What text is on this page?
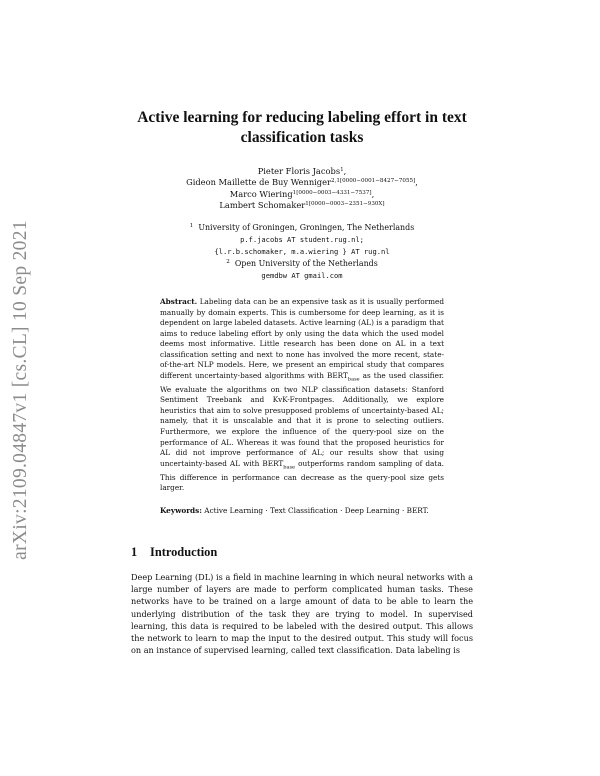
arXiv:2109.04847v1 [cs.CL] 10 Sep 2021
Active learning for reducing labeling effort in text classification tasks
Pieter Floris Jacobs$^1$,
Gideon Maillette de Buy Wenniger$^{2,1[0000-0001-8427-7055]}$,
Marco Wiering$^{1[0000-0003-4331-7537]}$,
Lambert Schomaker$^{1[0000-0003-2351-930X]}$
$^1$ University of Groningen, Groningen, The Netherlands
p.f.jacobs AT student.rug.nl;
{l.r.b.schomaker, m.a.wiering } AT rug.nl
$^2$ Open University of the Netherlands
gemdbw AT gmail.com
Abstract. Labeling data can be an expensive task as it is usually performed manually by domain experts. This is cumbersome for deep learning, as it is dependent on large labeled datasets. Active learning (AL) is a paradigm that aims to reduce labeling effort by only using the data which the used model deems most informative. Little research has been done on AL in a text classification setting and next to none has involved the more recent, state-of-the-art NLP models. Here, we present an empirical study that compares different uncertainty-based algorithms with $BERT_{base}$ as the used classifier. We evaluate the algorithms on two NLP classification datasets: Stanford Sentiment Treebank and KvK-Frontpages. Additionally, we explore heuristics that aim to solve presupposed problems of uncertainty-based AL; namely, that it is unscalable and that it is prone to selecting outliers. Furthermore, we explore the influence of the query-pool size on the performance of AL. Whereas it was found that the proposed heuristics for AL did not improve performance of AL; our results show that using uncertainty-based AL with $BERT_{base}$ outperforms random sampling of data. This difference in performance can decrease as the query-pool size gets larger.
Keywords: Active Learning · Text Classification · Deep Learning · BERT.
1 Introduction
Deep Learning (DL) is a field in machine learning in which neural networks with a large number of layers are made to perform complicated human tasks. These networks have to be trained on a large amount of data to be able to learn the underlying distribution of the task they are trying to model. In supervised learning, this data is required to be labeled with the desired output. This allows the network to learn to map the input to the desired output. This study will focus on an instance of supervised learning, called text classification. Data labeling is
